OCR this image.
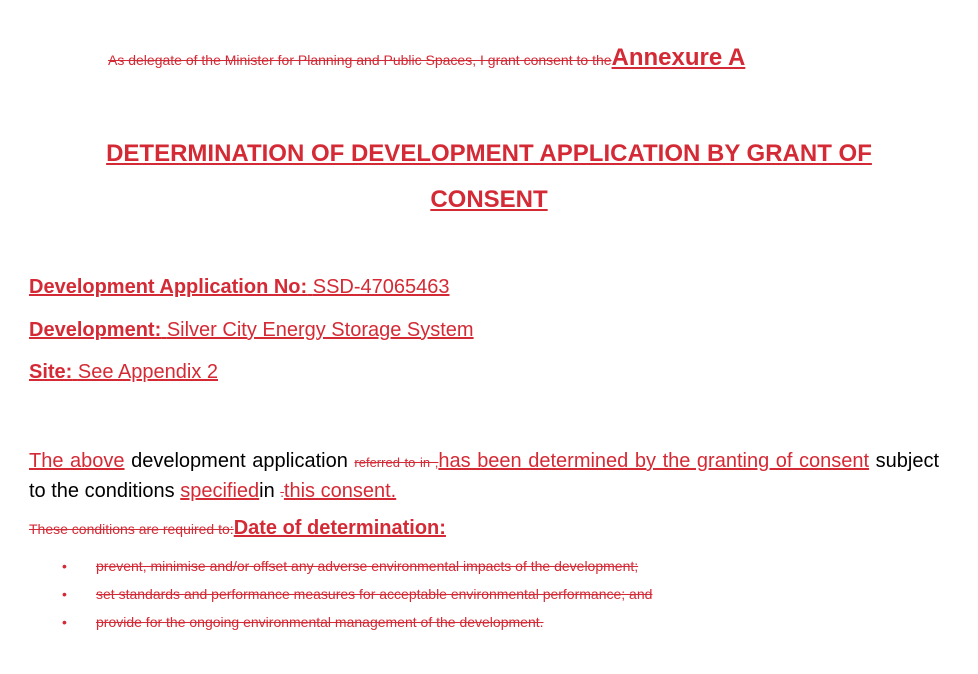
As delegate of the Minister for Planning and Public Spaces, I grant consent to theAnnexure A
DETERMINATION OF DEVELOPMENT APPLICATION BY GRANT OF
CONSENT
Development Application No: SSD-47065463
Development: Silver City Energy Storage System
Site: See Appendix 2
The above development application referred to in ,has been determined by the granting of consent subject to the conditions specifiedin .this consent.
These conditions are required to:Date of determination:
• prevent, minimise and/or offset any adverse environmental impacts of the development;
• set standards and performance measures for acceptable environmental performance; and
• provide for the ongoing environmental management of the development.
